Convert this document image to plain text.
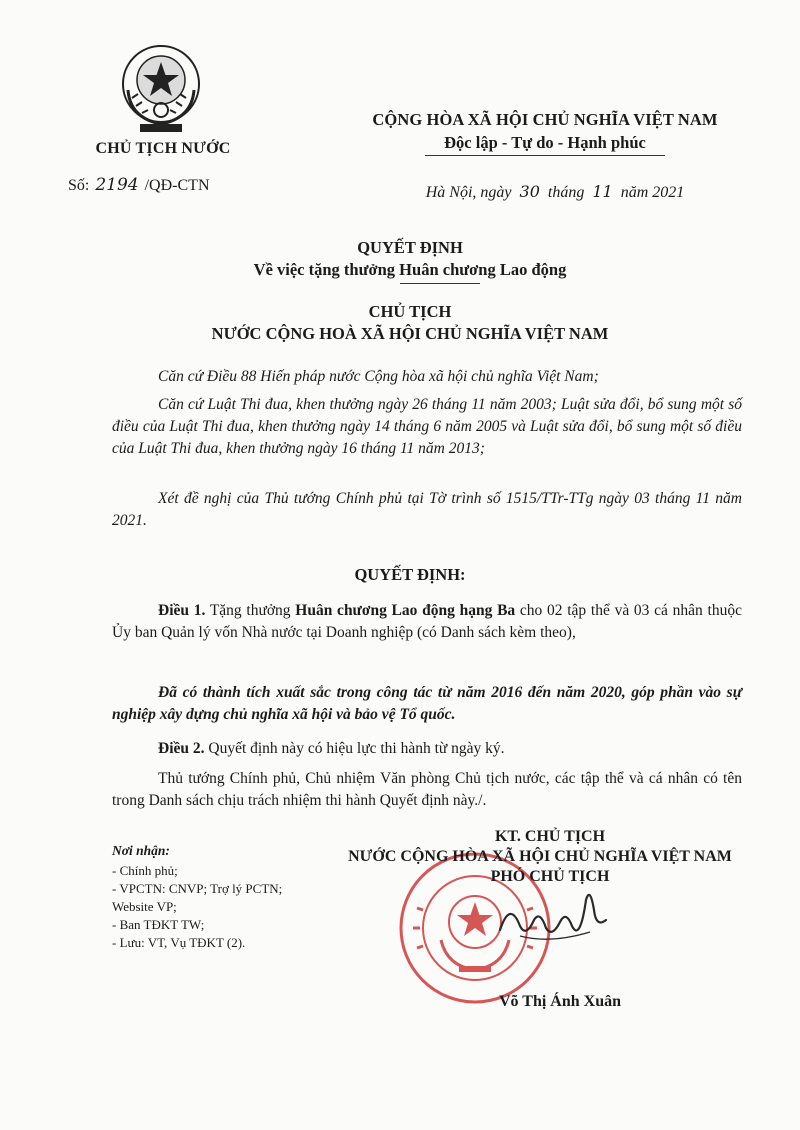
CHỦ TỊCH NƯỚC
Số: 2194 /QĐ-CTN
CỘNG HÒA XÃ HỘI CHỦ NGHĨA VIỆT NAM
Độc lập - Tự do - Hạnh phúc
Hà Nội, ngày 30 tháng 11 năm 2021
QUYẾT ĐỊNH
Về việc tặng thưởng Huân chương Lao động
CHỦ TỊCH
NƯỚC CỘNG HOÀ XÃ HỘI CHỦ NGHĨA VIỆT NAM
Căn cứ Điều 88 Hiến pháp nước Cộng hòa xã hội chủ nghĩa Việt Nam;
Căn cứ Luật Thi đua, khen thưởng ngày 26 tháng 11 năm 2003; Luật sửa đổi, bổ sung một số điều của Luật Thi đua, khen thưởng ngày 14 tháng 6 năm 2005 và Luật sửa đổi, bổ sung một số điều của Luật Thi đua, khen thưởng ngày 16 tháng 11 năm 2013;
Xét đề nghị của Thủ tướng Chính phủ tại Tờ trình số 1515/TTr-TTg ngày 03 tháng 11 năm 2021.
QUYẾT ĐỊNH:
Điều 1. Tặng thưởng Huân chương Lao động hạng Ba cho 02 tập thể và 03 cá nhân thuộc Ủy ban Quản lý vốn Nhà nước tại Doanh nghiệp (có Danh sách kèm theo),
Đã có thành tích xuất sắc trong công tác từ năm 2016 đến năm 2020, góp phần vào sự nghiệp xây dựng chủ nghĩa xã hội và bảo vệ Tổ quốc.
Điều 2. Quyết định này có hiệu lực thi hành từ ngày ký.
Thủ tướng Chính phủ, Chủ nhiệm Văn phòng Chủ tịch nước, các tập thể và cá nhân có tên trong Danh sách chịu trách nhiệm thi hành Quyết định này./.
Nơi nhận:
- Chính phủ;
- VPCTN: CNVP; Trợ lý PCTN;
Website VP;
- Ban TĐKT TW;
- Lưu: VT, Vụ TĐKT (2).
KT. CHỦ TỊCH
NƯỚC CỘNG HÒA XÃ HỘI CHỦ NGHĨA VIỆT NAM
PHÓ CHỦ TỊCH
Võ Thị Ánh Xuân
